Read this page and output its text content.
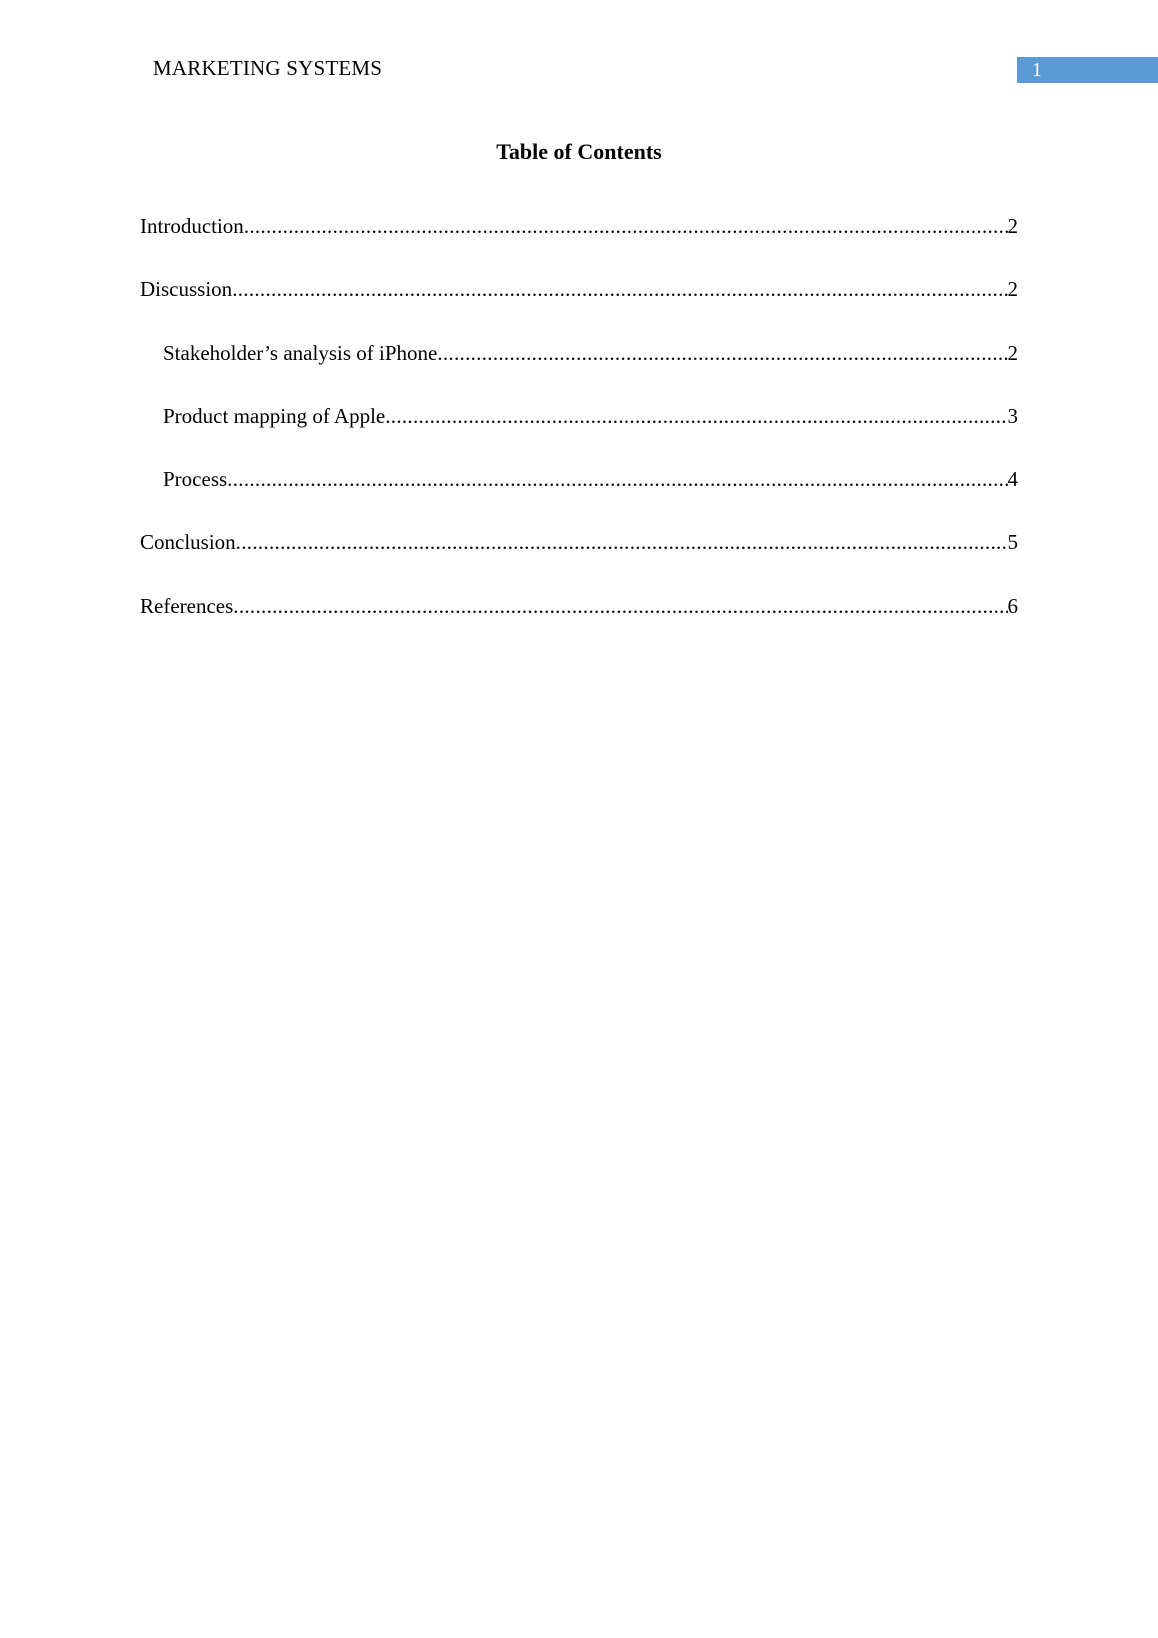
MARKETING SYSTEMS	1
Table of Contents
Introduction .....	2
Discussion .....	2
Stakeholder’s analysis of iPhone .....	2
Product mapping of Apple .....	3
Process .....	4
Conclusion .....	5
References .....	6
